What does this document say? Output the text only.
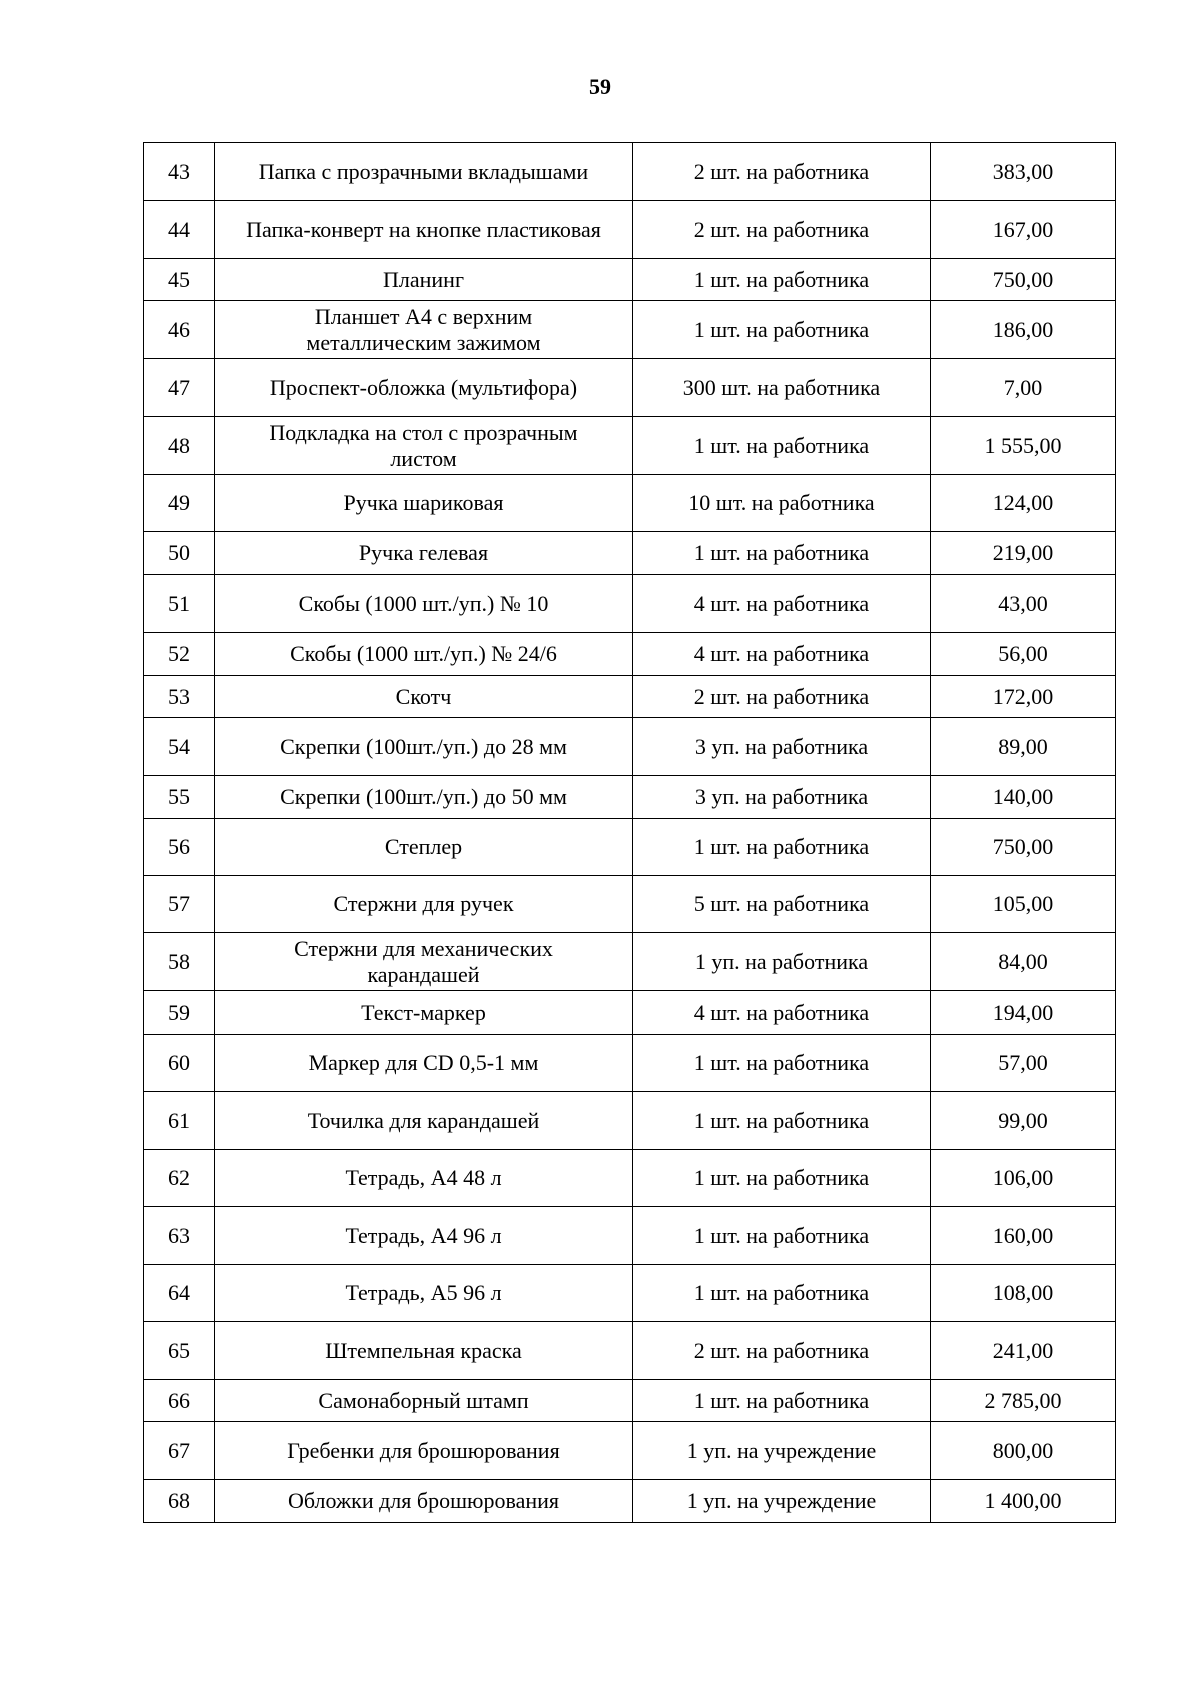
59
43	Папка с прозрачными вкладышами	2 шт. на работника	383,00
44	Папка-конверт на кнопке пластиковая	2 шт. на работника	167,00
45	Планинг	1 шт. на работника	750,00
46	Планшет А4 с верхним металлическим зажимом	1 шт. на работника	186,00
47	Проспект-обложка (мультифора)	300 шт. на работника	7,00
48	Подкладка на стол с прозрачным листом	1 шт. на работника	1 555,00
49	Ручка шариковая	10 шт. на работника	124,00
50	Ручка гелевая	1 шт. на работника	219,00
51	Скобы (1000 шт./уп.) № 10	4 шт. на работника	43,00
52	Скобы (1000 шт./уп.) № 24/6	4 шт. на работника	56,00
53	Скотч	2 шт. на работника	172,00
54	Скрепки (100шт./уп.) до 28 мм	3 уп. на работника	89,00
55	Скрепки (100шт./уп.) до 50 мм	3 уп. на работника	140,00
56	Степлер	1 шт. на работника	750,00
57	Стержни для ручек	5 шт. на работника	105,00
58	Стержни для механических карандашей	1 уп. на работника	84,00
59	Текст-маркер	4 шт. на работника	194,00
60	Маркер для CD 0,5-1 мм	1 шт. на работника	57,00
61	Точилка для карандашей	1 шт. на работника	99,00
62	Тетрадь, А4 48 л	1 шт. на работника	106,00
63	Тетрадь, А4 96 л	1 шт. на работника	160,00
64	Тетрадь, А5 96 л	1 шт. на работника	108,00
65	Штемпельная краска	2 шт. на работника	241,00
66	Самонаборный штамп	1 шт. на работника	2 785,00
67	Гребенки для брошюрования	1 уп. на учреждение	800,00
68	Обложки для брошюрования	1 уп. на учреждение	1 400,00
